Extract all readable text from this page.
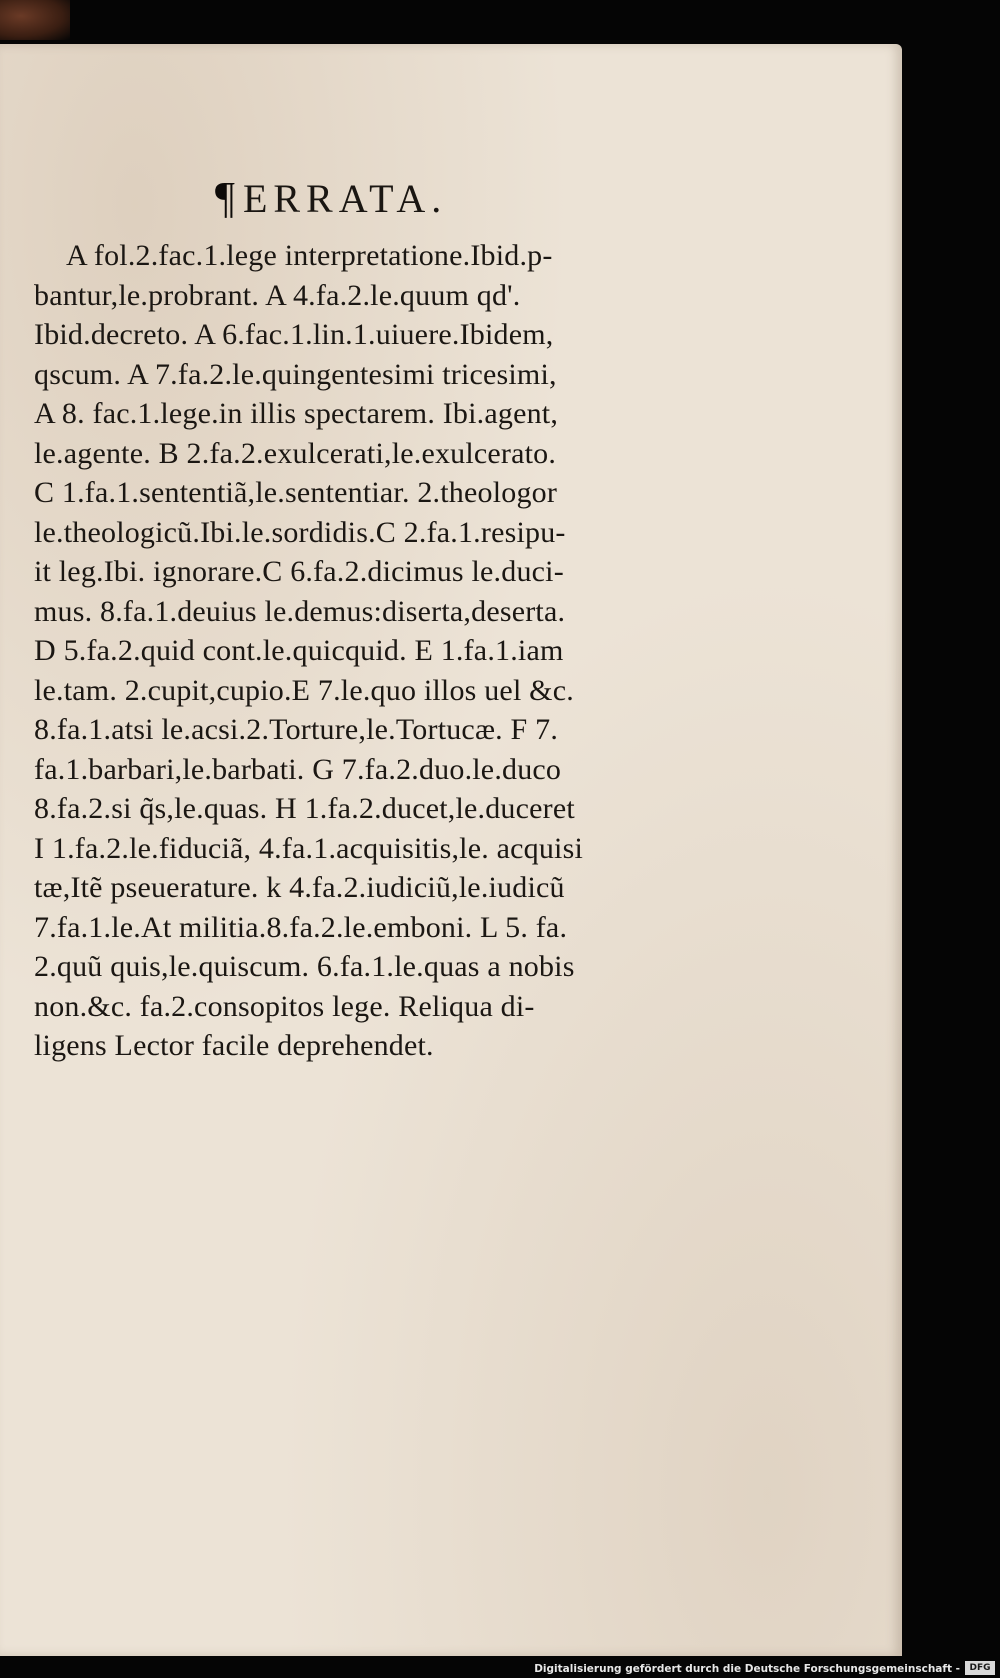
¶ERRATA.
A fol.2.fac.1.lege interpretatione.Ibid.p-
bantur,le.probrant. A 4.fa.2.le.quum qd'.
Ibid.decreto. A 6.fac.1.lin.1.uiuere.Ibidem,
qscum. A 7.fa.2.le.quingentesimi tricesimi,
A 8. fac.1.lege.in illis spectarem. Ibi.agent,
le.agente. B 2.fa.2.exulcerati,le.exulcerato.
C 1.fa.1.sententiã,le.sententiar. 2.theologor
le.theologicũ.Ibi.le.sordidis.C 2.fa.1.resipu-
it leg.Ibi. ignorare.C 6.fa.2.dicimus le.duci-
mus. 8.fa.1.deuius le.demus:diserta,deserta.
D 5.fa.2.quid cont.le.quicquid. E 1.fa.1.iam
le.tam. 2.cupit,cupio.E 7.le.quo illos uel &c.
8.fa.1.atsi le.acsi.2.Torture,le.Tortucæ. F 7.
fa.1.barbari,le.barbati. G 7.fa.2.duo.le.duco
8.fa.2.si q̃s,le.quas. H 1.fa.2.ducet,le.duceret
I 1.fa.2.le.fiduciã, 4.fa.1.acquisitis,le. acquisi
tæ,Itẽ pseuerature. k 4.fa.2.iudiciũ,le.iudicũ
7.fa.1.le.At militia.8.fa.2.le.emboni. L 5. fa.
2.quũ quis,le.quiscum. 6.fa.1.le.quas a nobis
non.&c. fa.2.consopitos lege. Reliqua di-
ligens Lector facile deprehendet.
Digitalisierung gefördert durch die Deutsche Forschungsgemeinschaft -	DFG
